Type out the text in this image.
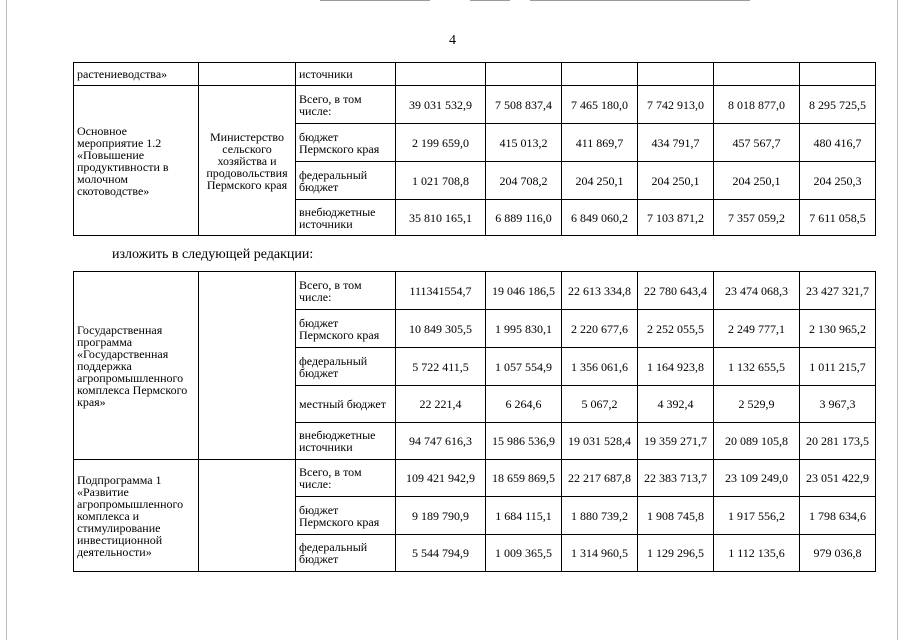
4
растениеводства»		источники						
Основное мероприятие 1.2 «Повышение продуктивности в молочном скотоводстве»	Министерство сельского хозяйства и продовольствия Пермского края	Всего, в том числе:	39 031 532,9	7 508 837,4	7 465 180,0	7 742 913,0	8 018 877,0	8 295 725,5
		бюджет Пермского края	2 199 659,0	415 013,2	411 869,7	434 791,7	457 567,7	480 416,7
		федеральный бюджет	1 021 708,8	204 708,2	204 250,1	204 250,1	204 250,1	204 250,3
		внебюджетные источники	35 810 165,1	6 889 116,0	6 849 060,2	7 103 871,2	7 357 059,2	7 611 058,5
изложить в следующей редакции:
Государственная программа «Государственная поддержка агропромышленного комплекса Пермского края»		Всего, в том числе:	111341554,7	19 046 186,5	22 613 334,8	22 780 643,4	23 474 068,3	23 427 321,7
		бюджет Пермского края	10 849 305,5	1 995 830,1	2 220 677,6	2 252 055,5	2 249 777,1	2 130 965,2
		федеральный бюджет	5 722 411,5	1 057 554,9	1 356 061,6	1 164 923,8	1 132 655,5	1 011 215,7
		местный бюджет	22 221,4	6 264,6	5 067,2	4 392,4	2 529,9	3 967,3
		внебюджетные источники	94 747 616,3	15 986 536,9	19 031 528,4	19 359 271,7	20 089 105,8	20 281 173,5
Подпрограмма 1 «Развитие агропромышленного комплекса и стимулирование инвестиционной деятельности»		Всего, в том числе:	109 421 942,9	18 659 869,5	22 217 687,8	22 383 713,7	23 109 249,0	23 051 422,9
		бюджет Пермского края	9 189 790,9	1 684 115,1	1 880 739,2	1 908 745,8	1 917 556,2	1 798 634,6
		федеральный бюджет	5 544 794,9	1 009 365,5	1 314 960,5	1 129 296,5	1 112 135,6	979 036,8
